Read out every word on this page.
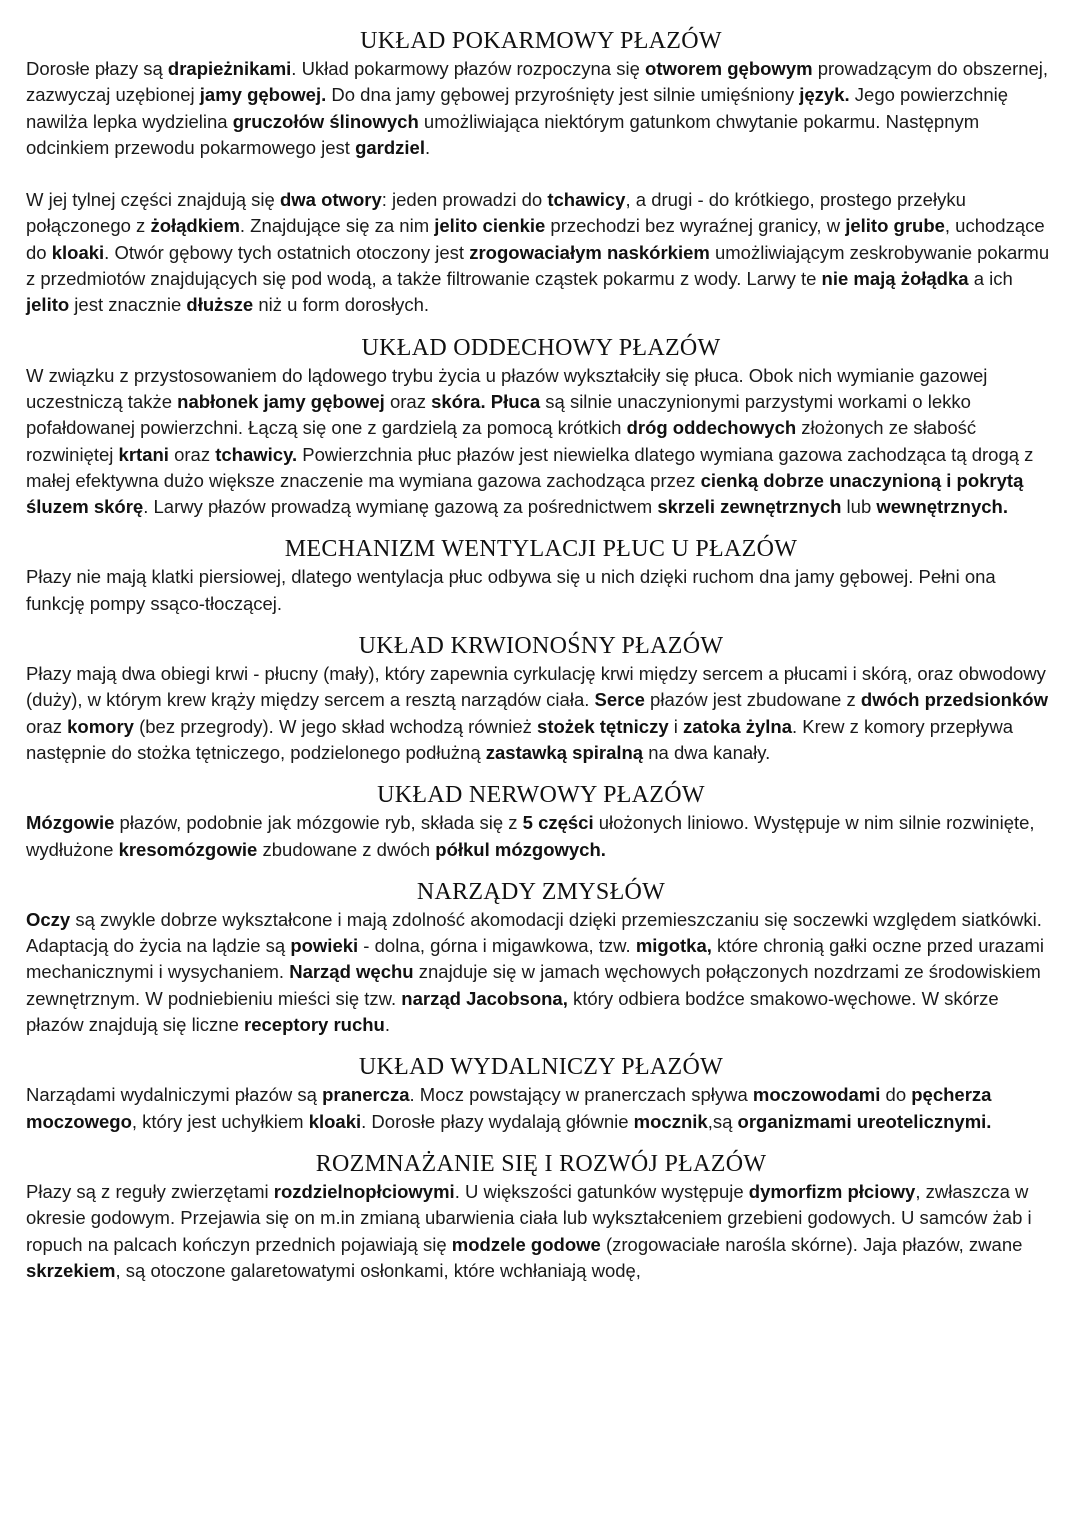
UKŁAD POKARMOWY PŁAZÓW

Dorosłe płazy są drapieżnikami. Układ pokarmowy płazów rozpoczyna się otworem gębowym prowadzącym do obszernej, zazwyczaj uzębionej jamy gębowej. Do dna jamy gębowej przyrośnięty jest silnie umięśniony język. Jego powierzchnię nawilża lepka wydzielina gruczołów ślinowych umożliwiająca niektórym gatunkom chwytanie pokarmu. Następnym odcinkiem przewodu pokarmowego jest gardziel.

W jej tylnej części znajdują się dwa otwory: jeden prowadzi do tchawicy, a drugi - do krótkiego, prostego przełyku połączonego z żołądkiem. Znajdujące się za nim jelito cienkie przechodzi bez wyraźnej granicy, w jelito grube, uchodzące do kloaki. Otwór gębowy tych ostatnich otoczony jest zrogowaciałym naskórkiem umożliwiającym zeskrobywanie pokarmu z przedmiotów znajdujących się pod wodą, a także filtrowanie cząstek pokarmu z wody. Larwy te nie mają żołądka a ich jelito jest znacznie dłuższe niż u form dorosłych.

UKŁAD ODDECHOWY PŁAZÓW

W związku z przystosowaniem do lądowego trybu życia u płazów wykształciły się płuca. Obok nich wymianie gazowej uczestniczą także nabłonek jamy gębowej oraz skóra. Płuca są silnie unaczynionymi parzystymi workami o lekko pofałdowanej powierzchni. Łączą się one z gardzielą za pomocą krótkich dróg oddechowych złożonych ze słabość rozwiniętej krtani oraz tchawicy. Powierzchnia płuc płazów jest niewielka dlatego wymiana gazowa zachodząca tą drogą z małej efektywna dużo większe znaczenie ma wymiana gazowa zachodząca przez cienką dobrze unaczynioną i pokrytą śluzem skórę. Larwy płazów prowadzą wymianę gazową za pośrednictwem skrzeli zewnętrznych lub wewnętrznych.

MECHANIZM WENTYLACJI PŁUC U PŁAZÓW

Płazy nie mają klatki piersiowej, dlatego wentylacja płuc odbywa się u nich dzięki ruchom dna jamy gębowej. Pełni ona funkcję pompy ssąco-tłoczącej.

UKŁAD KRWIONOŚNY PŁAZÓW

Płazy mają dwa obiegi krwi - płucny (mały), który zapewnia cyrkulację krwi między sercem a płucami i skórą, oraz obwodowy (duży), w którym krew krąży między sercem a resztą narządów ciała. Serce płazów jest zbudowane z dwóch przedsionków oraz komory (bez przegrody). W jego skład wchodzą również stożek tętniczy i zatoka żylna. Krew z komory przepływa następnie do stożka tętniczego, podzielonego podłużną zastawką spiralną na dwa kanały.

UKŁAD NERWOWY PŁAZÓW

Mózgowie płazów, podobnie jak mózgowie ryb, składa się z 5 części ułożonych liniowo. Występuje w nim silnie rozwinięte, wydłużone kresomózgowie zbudowane z dwóch półkul mózgowych.

NARZĄDY ZMYSŁÓW

Oczy są zwykle dobrze wykształcone i mają zdolność akomodacji dzięki przemieszczaniu się soczewki względem siatkówki. Adaptacją do życia na lądzie są powieki - dolna, górna i migawkowa, tzw. migotka, które chronią gałki oczne przed urazami mechanicznymi i wysychaniem. Narząd węchu znajduje się w jamach węchowych połączonych nozdrzami ze środowiskiem zewnętrznym. W podniebieniu mieści się tzw. narząd Jacobsona, który odbiera bodźce smakowo-węchowe. W skórze płazów znajdują się liczne receptory ruchu.

UKŁAD WYDALNICZY PŁAZÓW

Narządami wydalniczymi płazów są pranercza. Mocz powstający w pranerczach spływa moczowodami do pęcherza moczowego, który jest uchyłkiem kloaki. Dorosłe płazy wydalają głównie mocznik,są organizmami ureotelicznymi.

ROZMNAŻANIE SIĘ I ROZWÓJ PŁAZÓW

Płazy są z reguły zwierzętami rozdzielnopłciowymi. U większości gatunków występuje dymorfizm płciowy, zwłaszcza w okresie godowym. Przejawia się on m.in zmianą ubarwienia ciała lub wykształceniem grzebieni godowych. U samców żab i ropuch na palcach kończyn przednich pojawiają się modzele godowe (zrogowaciałe narośla skórne). Jaja płazów, zwane skrzekiem, są otoczone galaretowatymi osłonkami, które wchłaniają wodę,
